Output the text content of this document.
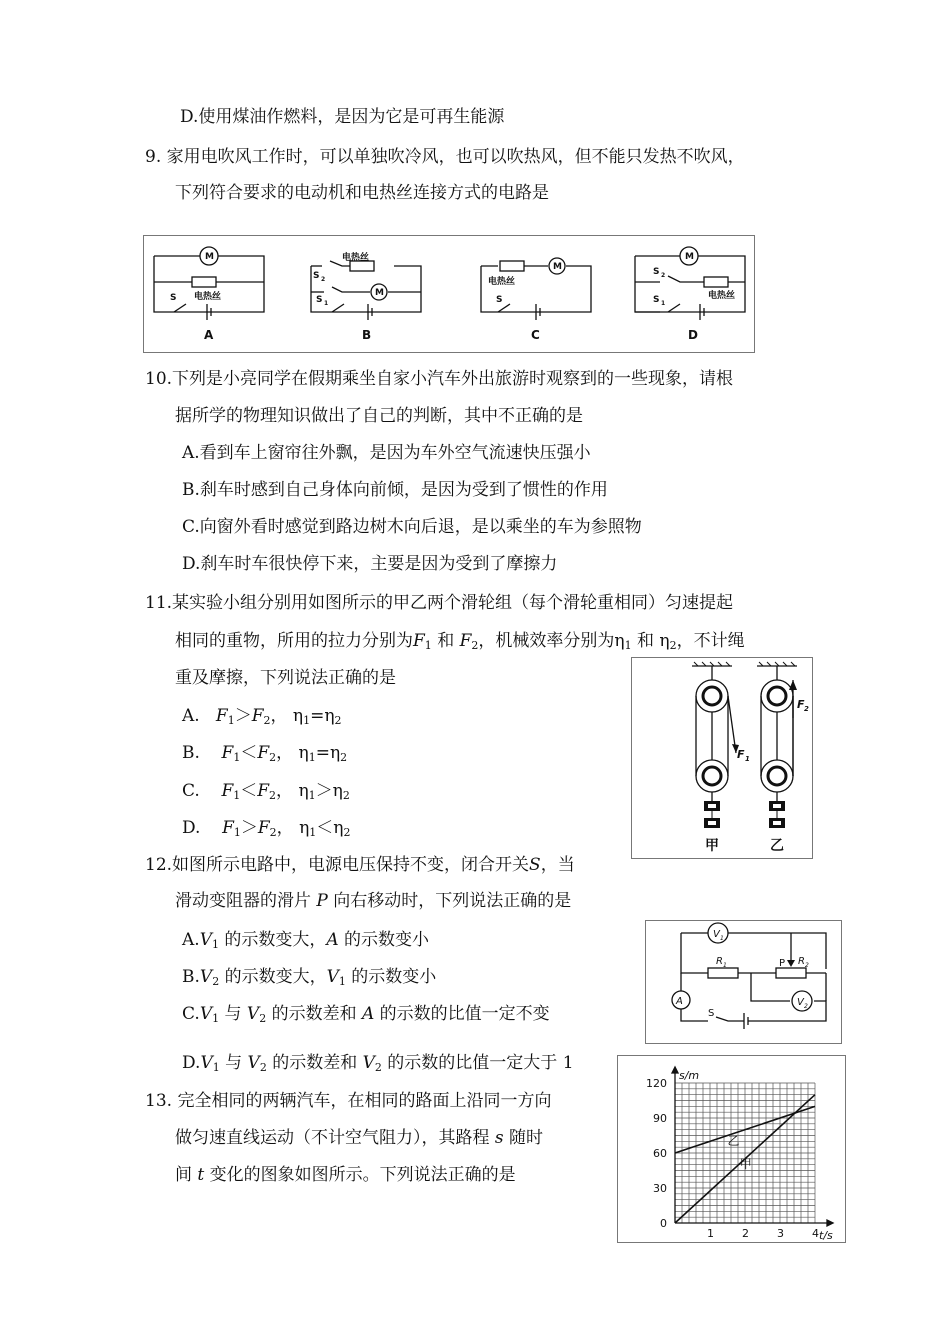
D.使用煤油作燃料，是因为它是可再生能源
9. 家用电吹风工作时，可以单独吹冷风，也可以吹热风，但不能只发热不吹风，
下列符合要求的电动机和电热丝连接方式的电路是
M
电热丝
S
电热丝
M
S 2
S 1
电热丝
M
S
M
电热丝
S 2
S 1
A	B	C	D
10.下列是小亮同学在假期乘坐自家小汽车外出旅游时观察到的一些现象，请根
据所学的物理知识做出了自己的判断，其中不正确的是
A.看到车上窗帘往外飘，是因为车外空气流速快压强小
B.刹车时感到自己身体向前倾，是因为受到了惯性的作用
C.向窗外看时感觉到路边树木向后退，是以乘坐的车为参照物
D.刹车时车很快停下来，主要是因为受到了摩擦力
11.某实验小组分别用如图所示的甲乙两个滑轮组（每个滑轮重相同）匀速提起
相同的重物，所用的拉力分别为$F_1$ 和 $F_2$，机械效率分别为$\eta_1$ 和 $\eta_2$，不计绳
重及摩擦，下列说法正确的是
A. $F_1>F_2$， $\eta_1=\eta_2$
B. $F_1<F_2$， $\eta_1=\eta_2$
C. $F_1<F_2$， $\eta_1>\eta_2$
D. $F_1>F_2$， $\eta_1<\eta_2$
F 1
F 2
甲	乙
12.如图所示电路中，电源电压保持不变，闭合开关S，当
滑动变阻器的滑片 P 向右移动时，下列说法正确的是
$A.V_1$ 的示数变大，A 的示数变小
$B.V_2$ 的示数变大，$V_1$ 的示数变小
$C.V_1$ 与 $V_2$ 的示数差和 A 的示数的比值一定不变
$D.V_1$ 与 $V_2$ 的示数差和 $V_2$ 的示数的比值一定大于 1
V 1
V 2
A
R 1	R 2
P
S
13. 完全相同的两辆汽车，在相同的路面上沿同一方向
做匀速直线运动（不计空气阻力），其路程 s 随时
间 t 变化的图象如图所示。下列说法正确的是
1	2	3	4
0
30
60
90
120
t/s
s/m
甲
乙
